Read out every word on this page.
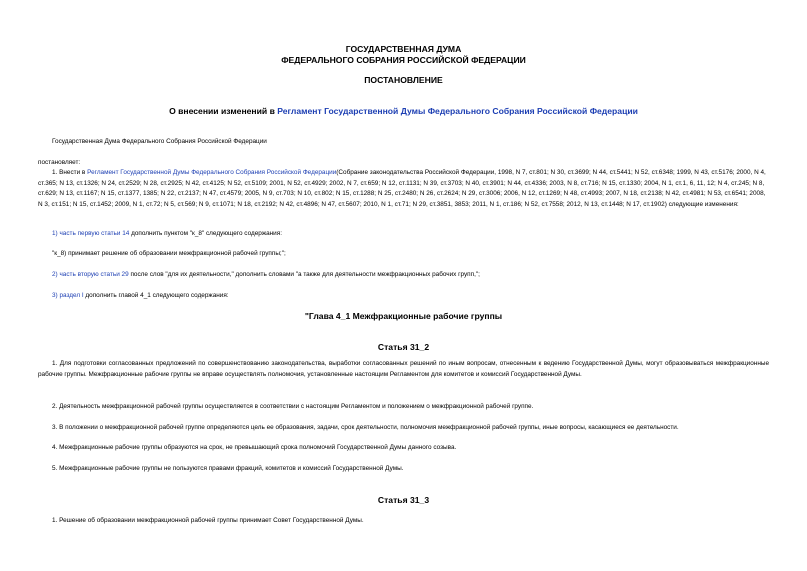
ГОСУДАРСТВЕННАЯ ДУМА
ФЕДЕРАЛЬНОГО СОБРАНИЯ РОССИЙСКОЙ ФЕДЕРАЦИИ
ПОСТАНОВЛЕНИЕ
О внесении изменений в Регламент Государственной Думы Федерального Собрания Российской Федерации
Государственная Дума Федерального Собрания Российской Федерации
постановляет:
1. Внести в Регламент Государственной Думы Федерального Собрания Российской Федерации(Собрание законодательства Российской Федерации, 1998, N 7, ст.801; N 30, ст.3699; N 44, ст.5441; N 52, ст.6348; 1999, N 43, ст.5176; 2000, N 4, ст.365; N 13, ст.1326; N 24, ст.2529; N 28, ст.2925; N 42, ст.4125; N 52, ст.5109; 2001, N 52, ст.4929; 2002, N 7, ст.659; N 12, ст.1131; N 39, ст.3703; N 40, ст.3901; N 44, ст.4336; 2003, N 8, ст.716; N 15, ст.1330; 2004, N 1, ст.1, 6, 11, 12; N 4, ст.245; N 8, ст.629; N 13, ст.1167; N 15, ст.1377, 1385; N 22, ст.2137; N 47, ст.4579; 2005, N 9, ст.703; N 10, ст.802; N 15, ст.1288; N 25, ст.2480; N 26, ст.2624; N 29, ст.3006; 2006, N 12, ст.1269; N 48, ст.4993; 2007, N 18, ст.2138; N 42, ст.4981; N 53, ст.6541; 2008, N 3, ст.151; N 15, ст.1452; 2009, N 1, ст.72; N 5, ст.569; N 9, ст.1071; N 18, ст.2192; N 42, ст.4896; N 47, ст.5607; 2010, N 1, ст.71; N 29, ст.3851, 3853; 2011, N 1, ст.186; N 52, ст.7558; 2012, N 13, ст.1448; N 17, ст.1902) следующие изменения:
1) часть первую статьи 14 дополнить пунктом "к_8" следующего содержания:
"к_8) принимает решение об образовании межфракционной рабочей группы;";
2) часть вторую статьи 29 после слов "для их деятельности," дополнить словами "а также для деятельности межфракционных рабочих групп,";
3) раздел I дополнить главой 4_1 следующего содержания:
"Глава 4_1 Межфракционные рабочие группы
Статья 31_2
1. Для подготовки согласованных предложений по совершенствованию законодательства, выработки согласованных решений по иным вопросам, отнесенным к ведению Государственной Думы, могут образовываться межфракционные рабочие группы. Межфракционные рабочие группы не вправе осуществлять полномочия, установленные настоящим Регламентом для комитетов и комиссий Государственной Думы.
2. Деятельность межфракционной рабочей группы осуществляется в соответствии с настоящим Регламентом и положением о межфракционной рабочей группе.
3. В положении о межфракционной рабочей группе определяются цель ее образования, задачи, срок деятельности, полномочия межфракционной рабочей группы, иные вопросы, касающиеся ее деятельности.
4. Межфракционные рабочие группы образуются на срок, не превышающий срока полномочий Государственной Думы данного созыва.
5. Межфракционные рабочие группы не пользуются правами фракций, комитетов и комиссий Государственной Думы.
Статья 31_3
1. Решение об образовании межфракционной рабочей группы принимает Совет Государственной Думы.
